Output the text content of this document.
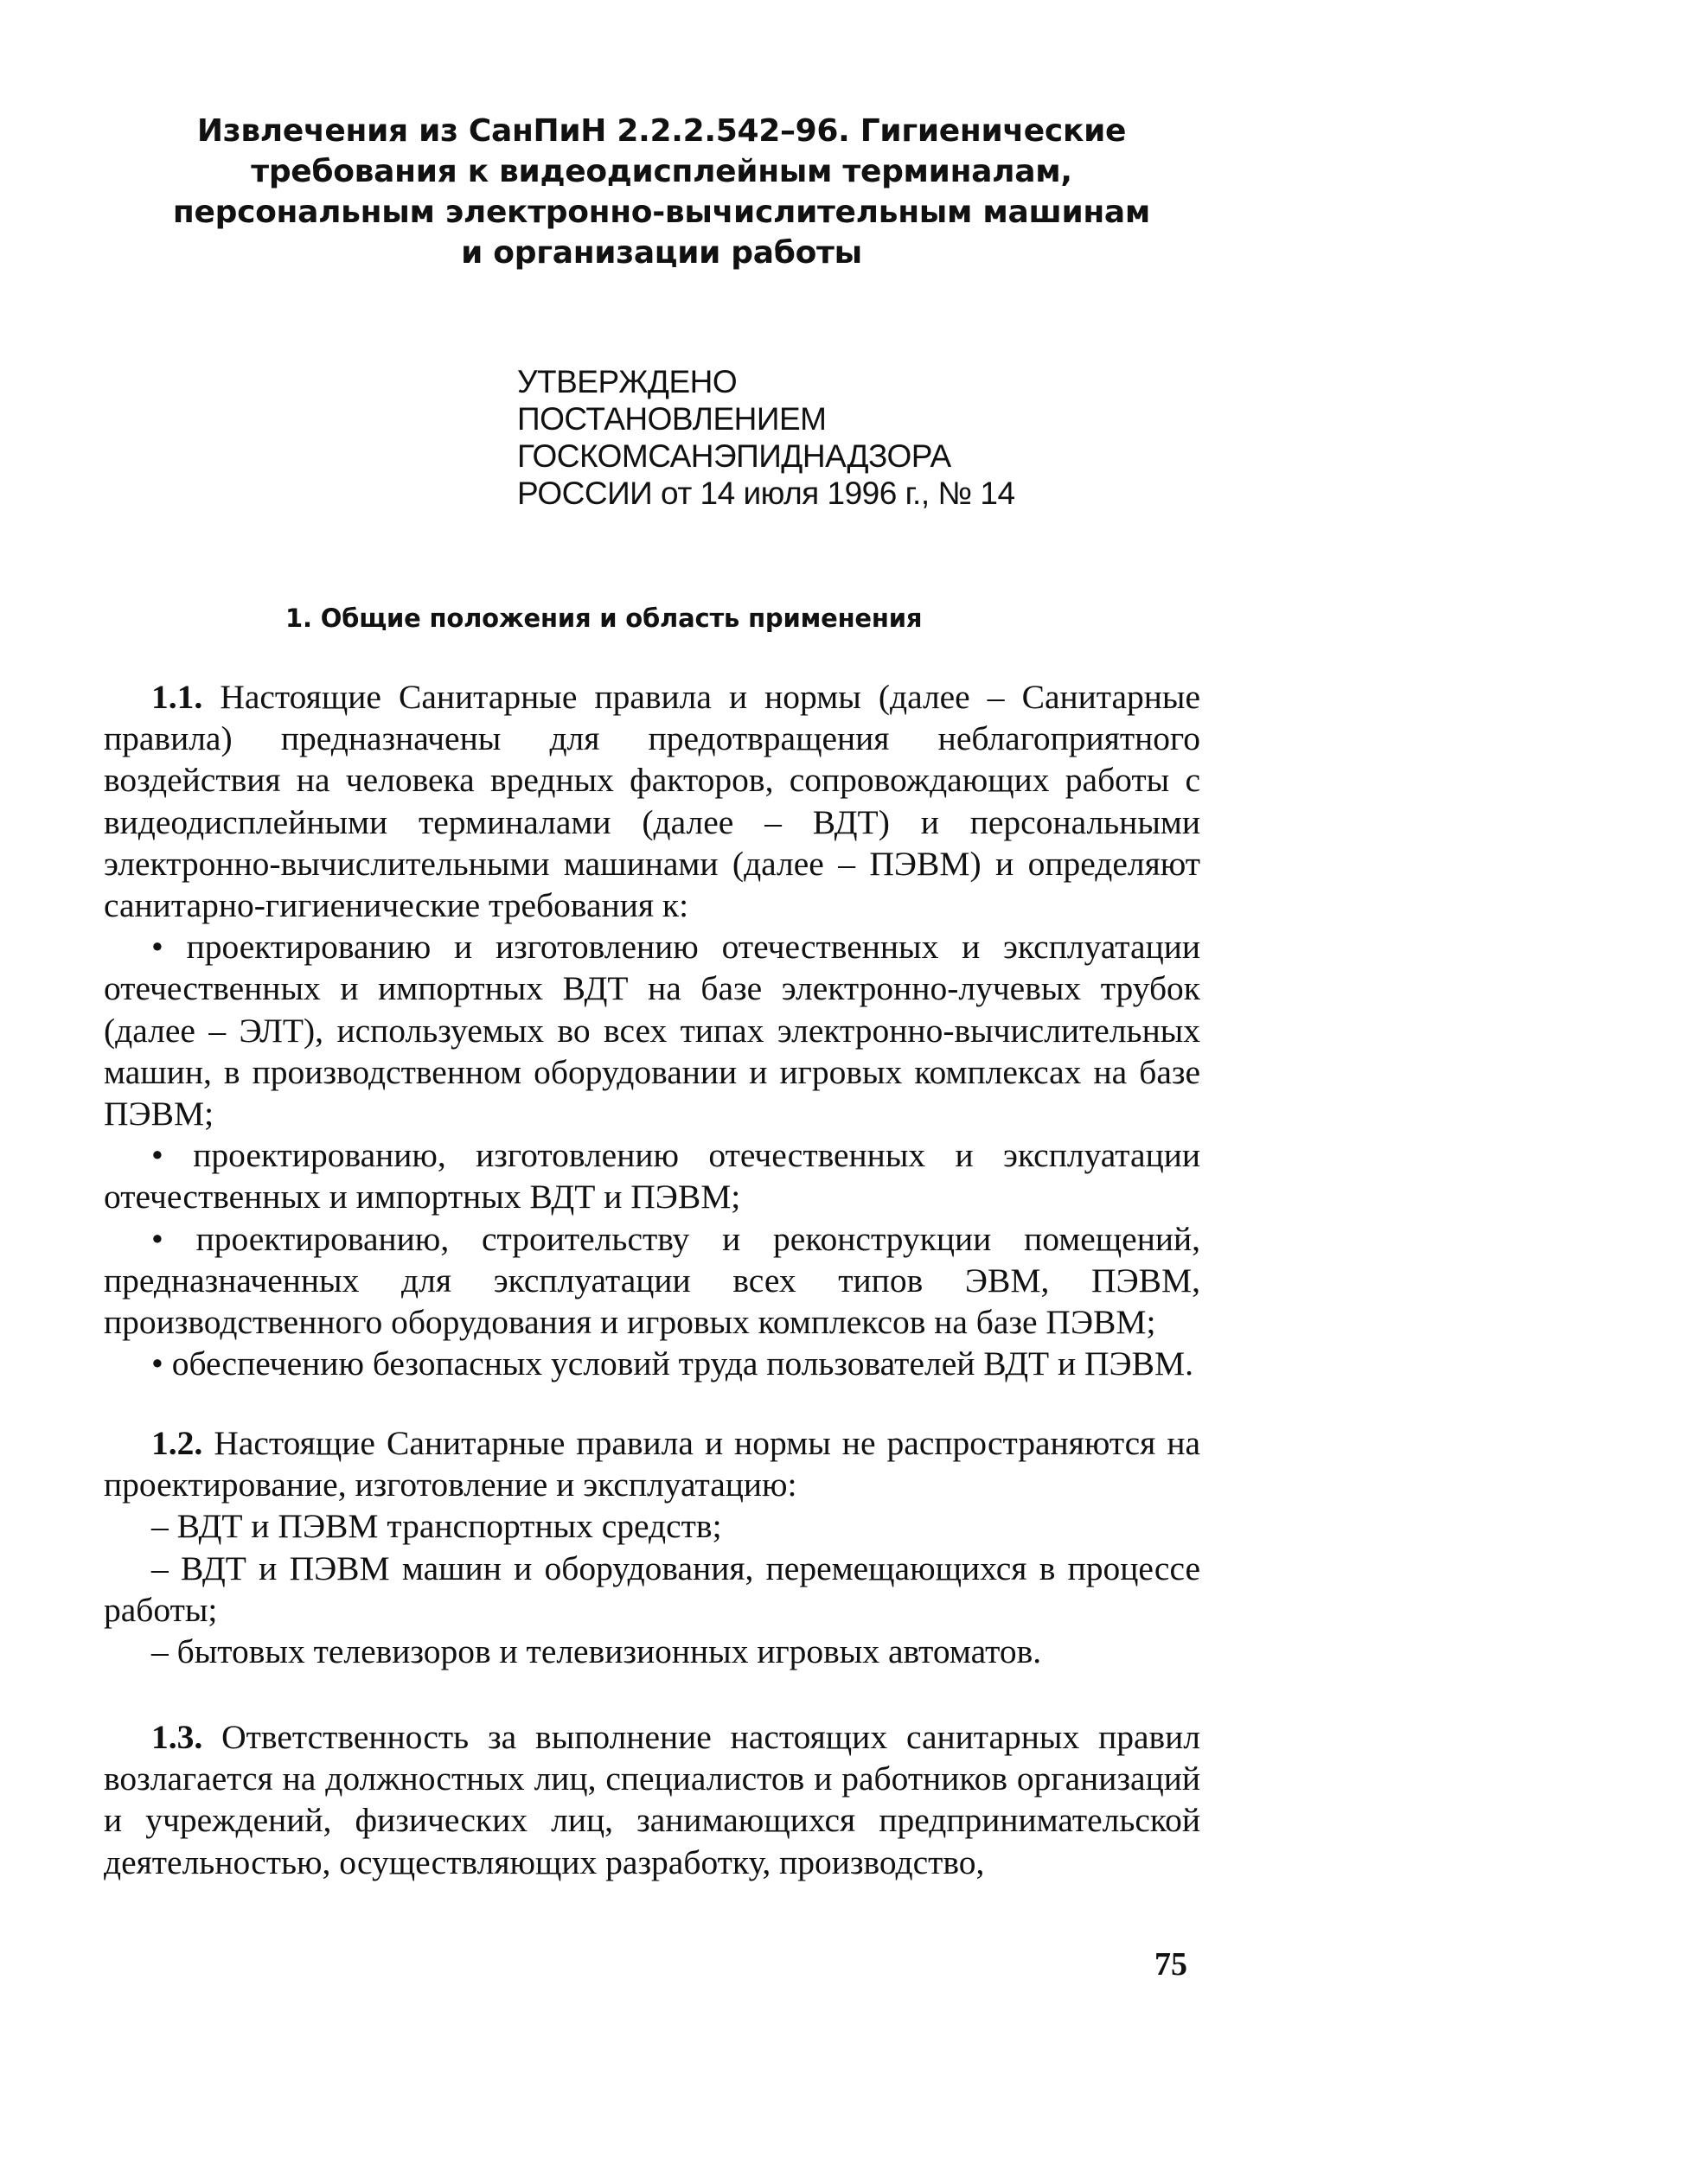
Извлечения из СанПиН 2.2.2.542–96. Гигиенические
требования к видеодисплейным терминалам,
персональным электронно-вычислительным машинам
и организации работы
УТВЕРЖДЕНО
ПОСТАНОВЛЕНИЕМ
ГОСКОМСАНЭПИДНАДЗОРА
РОССИИ от 14 июля 1996 г., № 14
1. Общие положения и область применения

1.1. Настоящие Санитарные правила и нормы (далее – Санитарные правила) предназначены для предотвращения неблагоприятного воздействия на человека вредных факторов, сопровождающих работы с видеодисплейными терминалами (далее – ВДТ) и персональными электронно-вычислительными машинами (далее – ПЭВМ) и определяют санитарно-гигиенические требования к:

• проектированию и изготовлению отечественных и эксплуатации отечественных и импортных ВДТ на базе электронно-лучевых трубок (далее – ЭЛТ), используемых во всех типах электронно-вычислительных машин, в производственном оборудовании и игровых комплексах на базе ПЭВМ;

• проектированию, изготовлению отечественных и эксплуатации отечественных и импортных ВДТ и ПЭВМ;

• проектированию, строительству и реконструкции помещений, предназначенных для эксплуатации всех типов ЭВМ, ПЭВМ, производственного оборудования и игровых комплексов на базе ПЭВМ;

• обеспечению безопасных условий труда пользователей ВДТ и ПЭВМ.

1.2. Настоящие Санитарные правила и нормы не распространяются на проектирование, изготовление и эксплуатацию:

– ВДТ и ПЭВМ транспортных средств;

– ВДТ и ПЭВМ машин и оборудования, перемещающихся в процессе работы;

– бытовых телевизоров и телевизионных игровых автоматов.

1.3. Ответственность за выполнение настоящих санитарных правил возлагается на должностных лиц, специалистов и работников организаций и учреждений, физических лиц, занимающихся предпринимательской деятельностью, осуществляющих разработку, производство,

75
